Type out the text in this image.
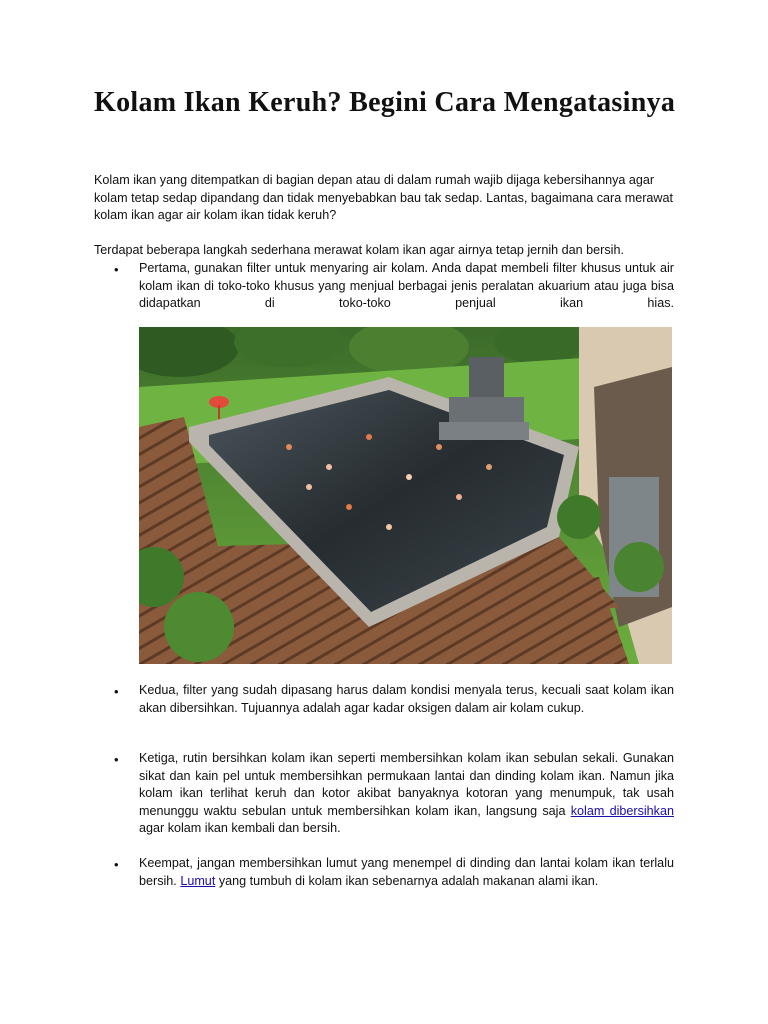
Kolam Ikan Keruh? Begini Cara Mengatasinya

Kolam ikan yang ditempatkan di bagian depan atau di dalam rumah wajib dijaga kebersihannya agar kolam tetap sedap dipandang dan tidak menyebabkan bau tak sedap. Lantas, bagaimana cara merawat kolam ikan agar air kolam ikan tidak keruh?

Terdapat beberapa langkah sederhana merawat kolam ikan agar airnya tetap jernih dan bersih.

• Pertama, gunakan filter untuk menyaring air kolam. Anda dapat membeli filter khusus untuk air kolam ikan di toko-toko khusus yang menjual berbagai jenis peralatan akuarium atau juga bisa didapatkan di toko-toko penjual ikan hias.

• Kedua, filter yang sudah dipasang harus dalam kondisi menyala terus, kecuali saat kolam ikan akan dibersihkan. Tujuannya adalah agar kadar oksigen dalam air kolam cukup.

• Ketiga, rutin bersihkan kolam ikan seperti membersihkan kolam ikan sebulan sekali. Gunakan sikat dan kain pel untuk membersihkan permukaan lantai dan dinding kolam ikan. Namun jika kolam ikan terlihat keruh dan kotor akibat banyaknya kotoran yang menumpuk, tak usah menunggu waktu sebulan untuk membersihkan kolam ikan, langsung saja kolam dibersihkan agar kolam ikan kembali dan bersih.

• Keempat, jangan membersihkan lumut yang menempel di dinding dan lantai kolam ikan terlalu bersih. Lumut yang tumbuh di kolam ikan sebenarnya adalah makanan alami ikan.
